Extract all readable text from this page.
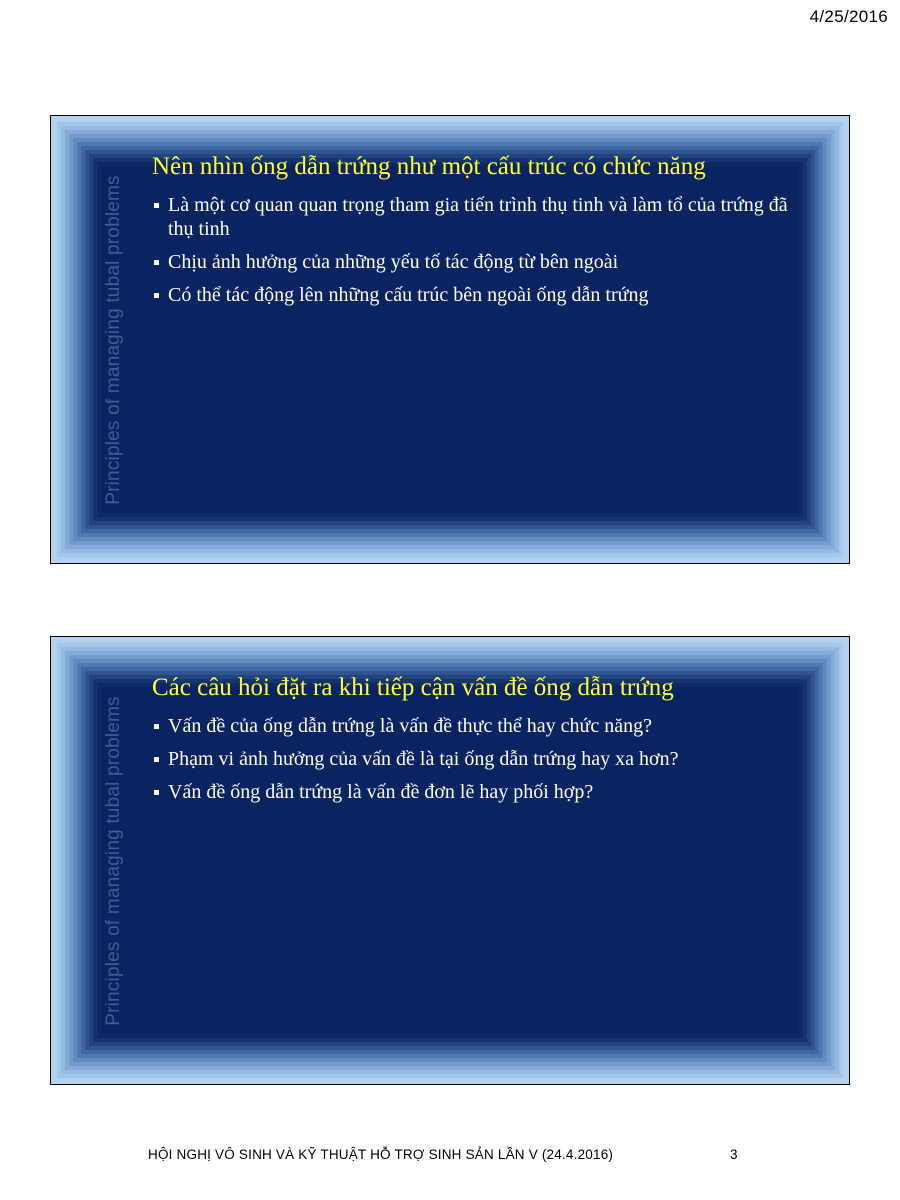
4/25/2016
Principles of managing tubal problems
Nên nhìn ống dẫn trứng như một cấu trúc có chức năng
Là một cơ quan quan trọng tham gia tiến trình thụ tinh và làm tổ của trứng đã thụ tinh
Chịu ảnh hưởng của những yếu tố tác động từ bên ngoài
Có thể tác động lên những cấu trúc bên ngoài ống dẫn trứng
Principles of managing tubal problems
Các câu hỏi đặt ra khi tiếp cận vấn đề ống dẫn trứng
Vấn đề của ống dẫn trứng là vấn đề thực thể hay chức năng?
Phạm vi ảnh hưởng của vấn đề là tại ống dẫn trứng hay xa hơn?
Vấn đề ống dẫn trứng là vấn đề đơn lẽ hay phối hợp?
HỘI NGHỊ VÔ SINH VÀ KỸ THUẬT HỖ TRỢ SINH SẢN LẦN V (24.4.2016)	3
